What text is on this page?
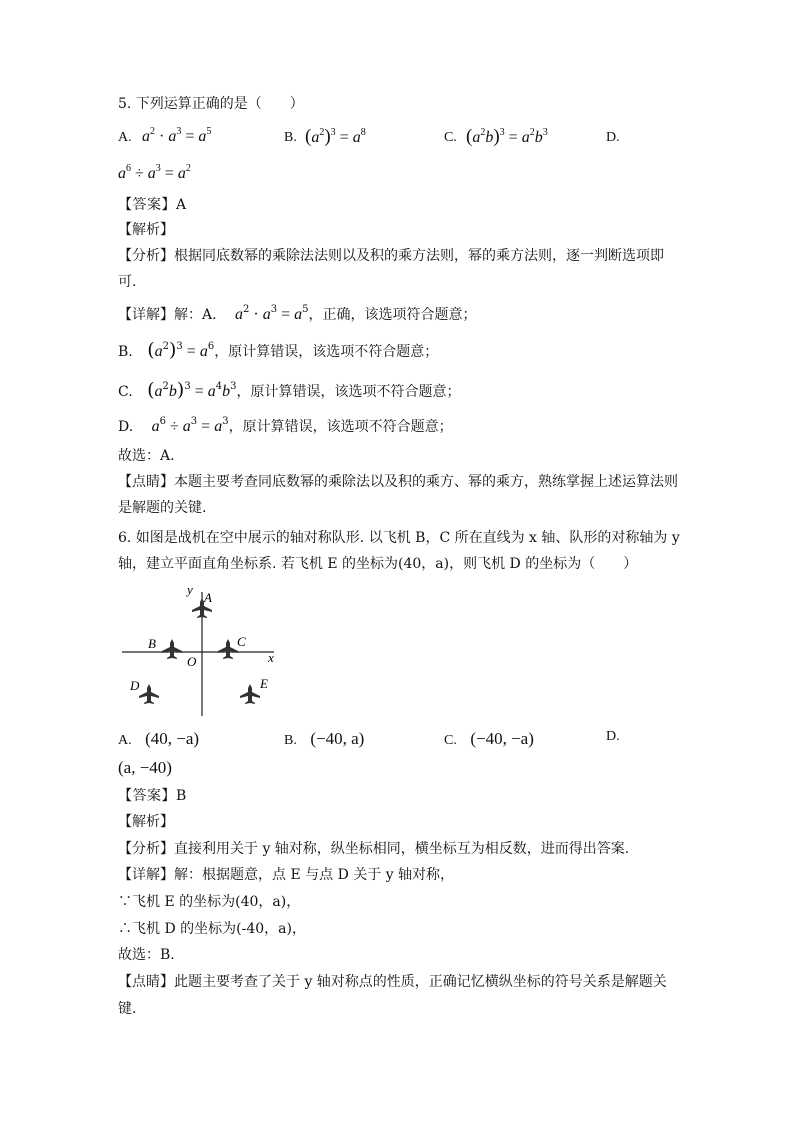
5. 下列运算正确的是（　　）
A. $a^2 \cdot a^3 = a^5$	B. $(a^2)^3 = a^8$	C. $(a^2b)^3 = a^2b^3$	D.
$a^6 \div a^3 = a^2$
【答案】A
【解析】
【分析】根据同底数幂的乘除法法则以及积的乘方法则，幂的乘方法则，逐一判断选项即
可.
【详解】解：A. $a^2 \cdot a^3 = a^5$，正确，该选项符合题意；
B. $(a^2)^3 = a^6$，原计算错误，该选项不符合题意；
C. $(a^2b)^3 = a^4b^3$，原计算错误，该选项不符合题意；
D. $a^6 \div a^3 = a^3$，原计算错误，该选项不符合题意；
故选：A.
【点睛】本题主要考查同底数幂的乘除法以及积的乘方、幂的乘方，熟练掌握上述运算法则
是解题的关键.
6. 如图是战机在空中展示的轴对称队形. 以飞机 B，C 所在直线为 x 轴、队形的对称轴为 y
轴，建立平面直角坐标系. 若飞机 E 的坐标为(40，a)，则飞机 D 的坐标为（　　）
y
x
O
A
B	C
D	E
A. (40, −a)	B. (−40, a)	C. (−40, −a)	D.
(a, −40)
【答案】B
【解析】
【分析】直接利用关于 y 轴对称，纵坐标相同，横坐标互为相反数，进而得出答案.
【详解】解：根据题意，点 E 与点 D 关于 y 轴对称，
∵飞机 E 的坐标为(40，a)，
∴飞机 D 的坐标为(-40，a)，
故选：B.
【点睛】此题主要考查了关于 y 轴对称点的性质，正确记忆横纵坐标的符号关系是解题关
键.
